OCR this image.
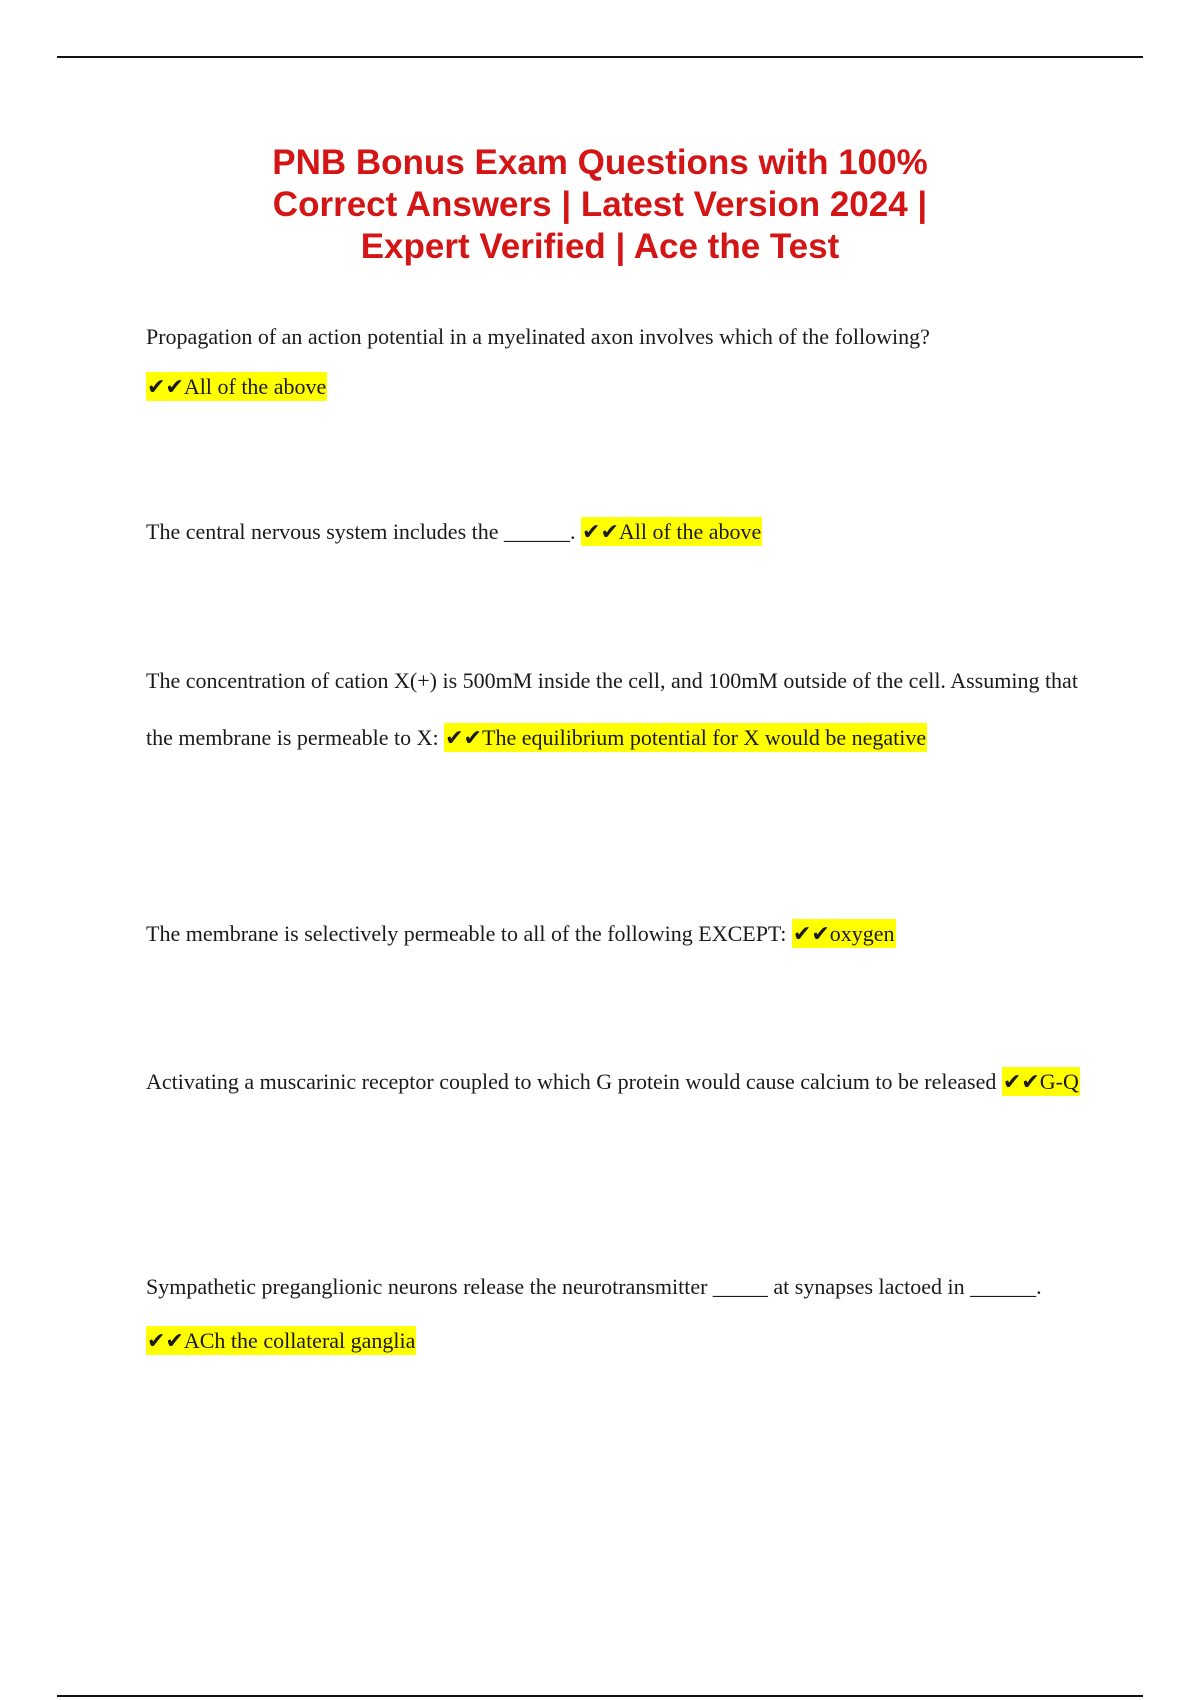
PNB Bonus Exam Questions with 100%
Correct Answers | Latest Version 2024 |
Expert Verified | Ace the Test
Propagation of an action potential in a myelinated axon involves which of the following?
✔✔All of the above
The central nervous system includes the ______. ✔✔All of the above
The concentration of cation X(+) is 500mM inside the cell, and 100mM outside of the cell. Assuming that the membrane is permeable to X: ✔✔The equilibrium potential for X would be negative
The membrane is selectively permeable to all of the following EXCEPT: ✔✔oxygen
Activating a muscarinic receptor coupled to which G protein would cause calcium to be released ✔✔G-Q
Sympathetic preganglionic neurons release the neurotransmitter _____ at synapses lactoed in ______. ✔✔ACh the collateral ganglia
